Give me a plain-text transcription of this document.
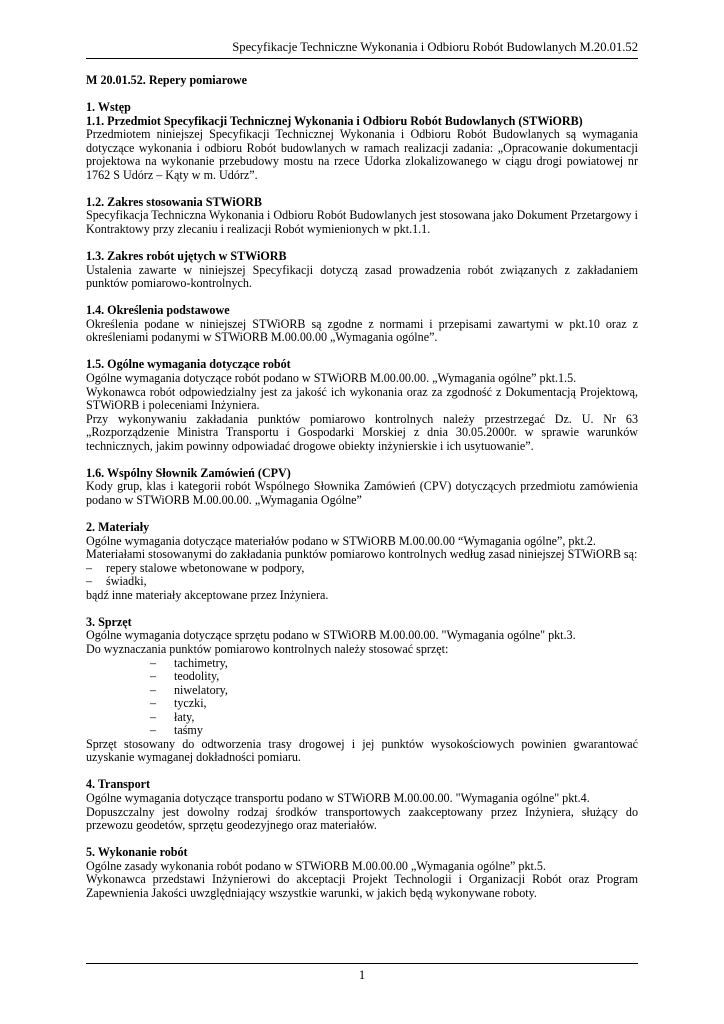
Specyfikacje Techniczne Wykonania i Odbioru Robót Budowlanych M.20.01.52
M 20.01.52. Repery pomiarowe
1. Wstęp
1.1. Przedmiot Specyfikacji Technicznej Wykonania i Odbioru Robót Budowlanych (STWiORB)

Przedmiotem niniejszej Specyfikacji Technicznej Wykonania i Odbioru Robót Budowlanych są wymagania dotyczące wykonania i odbioru Robót budowlanych w ramach realizacji zadania: „Opracowanie dokumentacji projektowa na wykonanie przebudowy mostu na rzece Udorka zlokalizowanego w ciągu drogi powiatowej nr 1762 S Udórz – Kąty w m. Udórz”.

1.2. Zakres stosowania STWiORB

Specyfikacja Techniczna Wykonania i Odbioru Robót Budowlanych jest stosowana jako Dokument Przetargowy i Kontraktowy przy zlecaniu i realizacji Robót wymienionych w pkt.1.1.

1.3. Zakres robót ujętych w STWiORB

Ustalenia zawarte w niniejszej Specyfikacji dotyczą zasad prowadzenia robót związanych z zakładaniem punktów pomiarowo-kontrolnych.

1.4. Określenia podstawowe

Określenia podane w niniejszej STWiORB są zgodne z normami i przepisami zawartymi w pkt.10 oraz z określeniami podanymi w STWiORB M.00.00.00 „Wymagania ogólne”.

1.5. Ogólne wymagania dotyczące robót

Ogólne wymagania dotyczące robót podano w STWiORB M.00.00.00. „Wymagania ogólne” pkt.1.5.

Wykonawca robót odpowiedzialny jest za jakość ich wykonania oraz za zgodność z Dokumentacją Projektową, STWiORB i poleceniami Inżyniera.

Przy wykonywaniu zakładania punktów pomiarowo kontrolnych należy przestrzegać Dz. U. Nr 63 „Rozporządzenie Ministra Transportu i Gospodarki Morskiej z dnia 30.05.2000r. w sprawie warunków technicznych, jakim powinny odpowiadać drogowe obiekty inżynierskie i ich usytuowanie”.

1.6. Wspólny Słownik Zamówień (CPV)

Kody grup, klas i kategorii robót Wspólnego Słownika Zamówień (CPV) dotyczących przedmiotu zamówienia podano w STWiORB M.00.00.00. „Wymagania Ogólne”

2. Materiały

Ogólne wymagania dotyczące materiałów podano w STWiORB M.00.00.00 “Wymagania ogólne”, pkt.2.

Materiałami stosowanymi do zakładania punktów pomiarowo kontrolnych według zasad niniejszej STWiORB są:

– repery stalowe wbetonowane w podpory,
– świadki,

bądź inne materiały akceptowane przez Inżyniera.

3. Sprzęt

Ogólne wymagania dotyczące sprzętu podano w STWiORB M.00.00.00. "Wymagania ogólne" pkt.3.

Do wyznaczania punktów pomiarowo kontrolnych należy stosować sprzęt:

– tachimetry,
– teodolity,
– niwelatory,
– tyczki,
– łaty,
– taśmy

Sprzęt stosowany do odtworzenia trasy drogowej i jej punktów wysokościowych powinien gwarantować uzyskanie wymaganej dokładności pomiaru.

4. Transport

Ogólne wymagania dotyczące transportu podano w STWiORB M.00.00.00. "Wymagania ogólne" pkt.4.

Dopuszczalny jest dowolny rodzaj środków transportowych zaakceptowany przez Inżyniera, służący do przewozu geodetów, sprzętu geodezyjnego oraz materiałów.

5. Wykonanie robót

Ogólne zasady wykonania robót podano w STWiORB M.00.00.00 „Wymagania ogólne” pkt.5.

Wykonawca przedstawi Inżynierowi do akceptacji Projekt Technologii i Organizacji Robót oraz Program Zapewnienia Jakości uwzględniający wszystkie warunki, w jakich będą wykonywane roboty.

1
